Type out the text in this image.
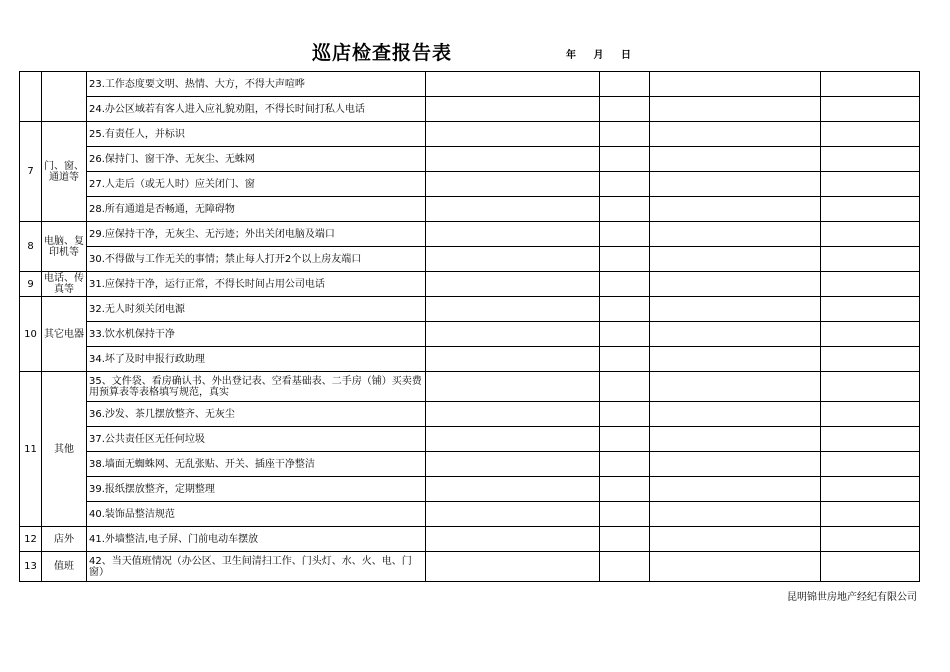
巡店检查报告表	年 月 日
		23.工作态度要文明、热情、大方，不得大声喧哗				
		24.办公区域若有客人进入应礼貌劝阻，不得长时间打私人电话				
7	门、窗、通道等	25.有责任人，并标识				
		26.保持门、窗干净、无灰尘、无蛛网				
		27.人走后（或无人时）应关闭门、窗				
		28.所有通道是否畅通，无障碍物				
8	电脑、复印机等	29.应保持干净，无灰尘、无污迹；外出关闭电脑及端口				
		30.不得做与工作无关的事情；禁止每人打开2个以上房友端口				
9	电话、传真等	31.应保持干净，运行正常，不得长时间占用公司电话				
10	其它电器	32.无人时须关闭电源				
		33.饮水机保持干净				
		34.坏了及时申报行政助理				
11	其他	35、文件袋、看房确认书、外出登记表、空看基础表、二手房（铺）买卖费用预算表等表格填写规范，真实				
		36.沙发、茶几摆放整齐、无灰尘				
		37.公共责任区无任何垃圾				
		38.墙面无蜘蛛网、无乱张贴、开关、插座干净整洁				
		39.报纸摆放整齐，定期整理				
		40.装饰品整洁规范				
12	店外	41.外墙整洁,电子屏、门前电动车摆放				
13	值班	42、当天值班情况（办公区、卫生间清扫工作、门头灯、水、火、电、门窗）				
昆明锦世房地产经纪有限公司
